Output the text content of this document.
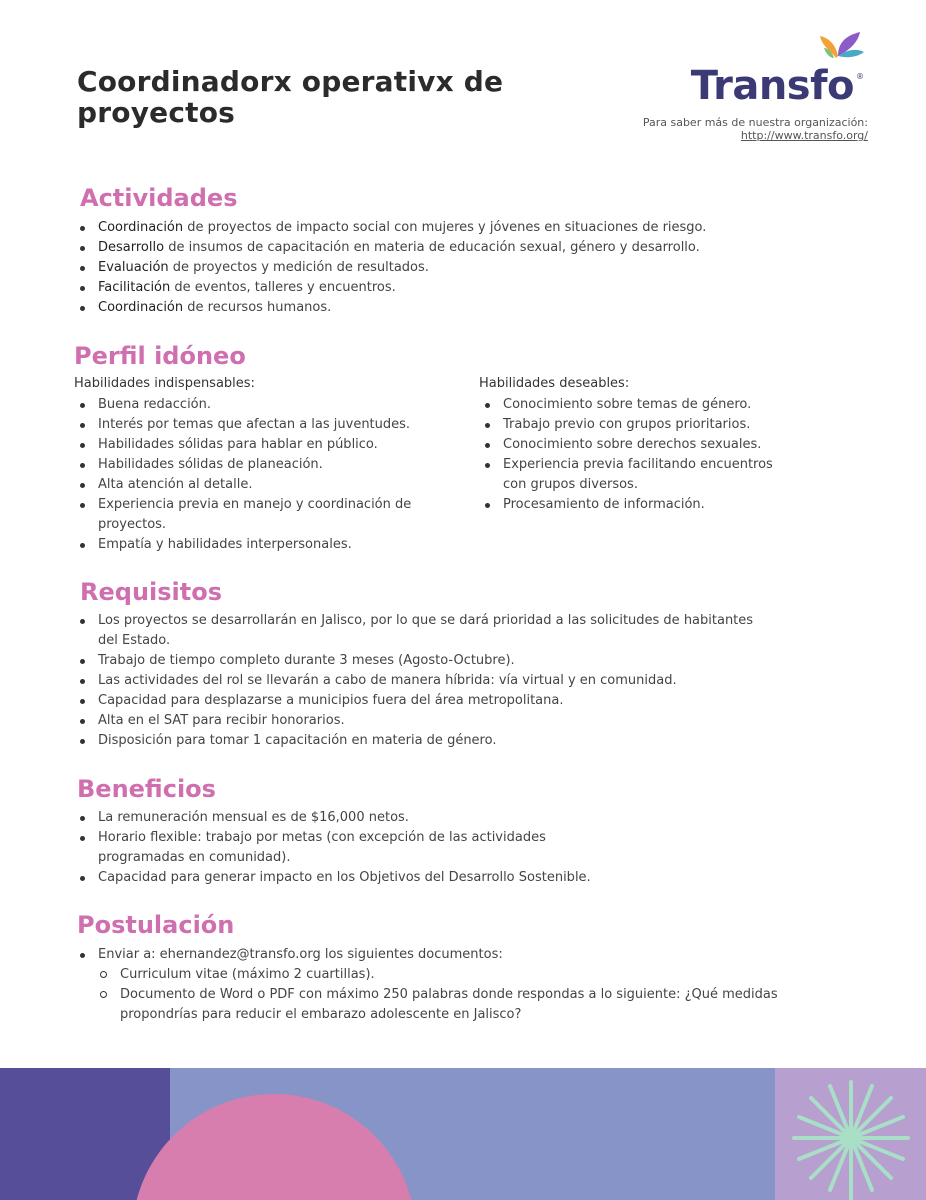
Coordinadorx operativx de proyectos
Transfo ®
Para saber más de nuestra organización:
http://www.transfo.org/
Actividades
Coordinación de proyectos de impacto social con mujeres y jóvenes en situaciones de riesgo.
Desarrollo de insumos de capacitación en materia de educación sexual, género y desarrollo.
Evaluación de proyectos y medición de resultados.
Facilitación de eventos, talleres y encuentros.
Coordinación de recursos humanos.
Perfil idóneo
Habilidades indispensables:
Buena redacción.
Interés por temas que afectan a las juventudes.
Habilidades sólidas para hablar en público.
Habilidades sólidas de planeación.
Alta atención al detalle.
Experiencia previa en manejo y coordinación de proyectos.
Empatía y habilidades interpersonales.
Habilidades deseables:
Conocimiento sobre temas de género.
Trabajo previo con grupos prioritarios.
Conocimiento sobre derechos sexuales.
Experiencia previa facilitando encuentros con grupos diversos.
Procesamiento de información.
Requisitos
Los proyectos se desarrollarán en Jalisco, por lo que se dará prioridad a las solicitudes de habitantes del Estado.
Trabajo de tiempo completo durante 3 meses (Agosto-Octubre).
Las actividades del rol se llevarán a cabo de manera híbrida: vía virtual y en comunidad.
Capacidad para desplazarse a municipios fuera del área metropolitana.
Alta en el SAT para recibir honorarios.
Disposición para tomar 1 capacitación en materia de género.
Beneficios
La remuneración mensual es de $16,000 netos.
Horario flexible: trabajo por metas (con excepción de las actividades programadas en comunidad).
Capacidad para generar impacto en los Objetivos del Desarrollo Sostenible.
Postulación
Enviar a: ehernandez@transfo.org los siguientes documentos:
Curriculum vitae (máximo 2 cuartillas).
Documento de Word o PDF con máximo 250 palabras donde respondas a lo siguiente: ¿Qué medidas propondrías para reducir el embarazo adolescente en Jalisco?
